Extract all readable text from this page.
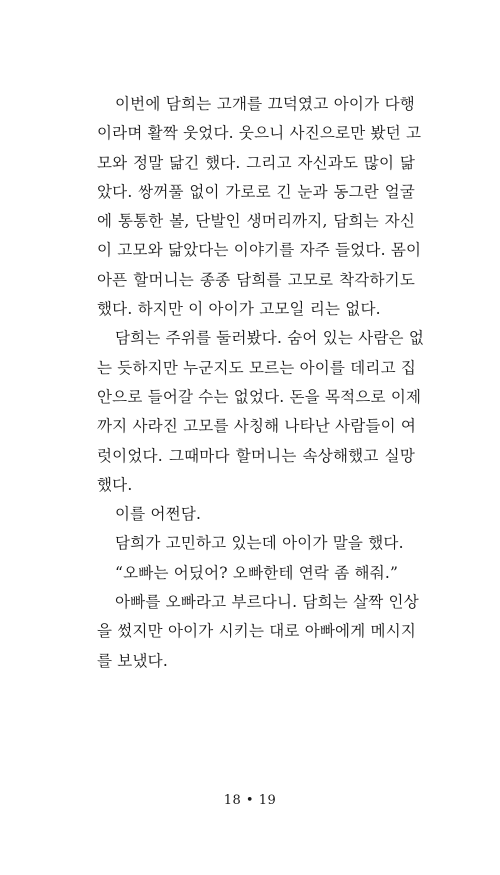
이번에 담희는 고개를 끄덕였고 아이가 다행
이라며 활짝 웃었다. 웃으니 사진으로만 봤던 고
모와 정말 닮긴 했다. 그리고 자신과도 많이 닮
았다. 쌍꺼풀 없이 가로로 긴 눈과 동그란 얼굴
에 통통한 볼, 단발인 생머리까지, 담희는 자신
이 고모와 닮았다는 이야기를 자주 들었다. 몸이
아픈 할머니는 종종 담희를 고모로 착각하기도
했다. 하지만 이 아이가 고모일 리는 없다.
담희는 주위를 둘러봤다. 숨어 있는 사람은 없
는 듯하지만 누군지도 모르는 아이를 데리고 집
안으로 들어갈 수는 없었다. 돈을 목적으로 이제
까지 사라진 고모를 사칭해 나타난 사람들이 여
럿이었다. 그때마다 할머니는 속상해했고 실망
했다.
이를 어쩐담.
담희가 고민하고 있는데 아이가 말을 했다.
“오빠는 어딨어? 오빠한테 연락 좀 해줘.”
아빠를 오빠라고 부르다니. 담희는 살짝 인상
을 썼지만 아이가 시키는 대로 아빠에게 메시지
를 보냈다.
18 • 19
